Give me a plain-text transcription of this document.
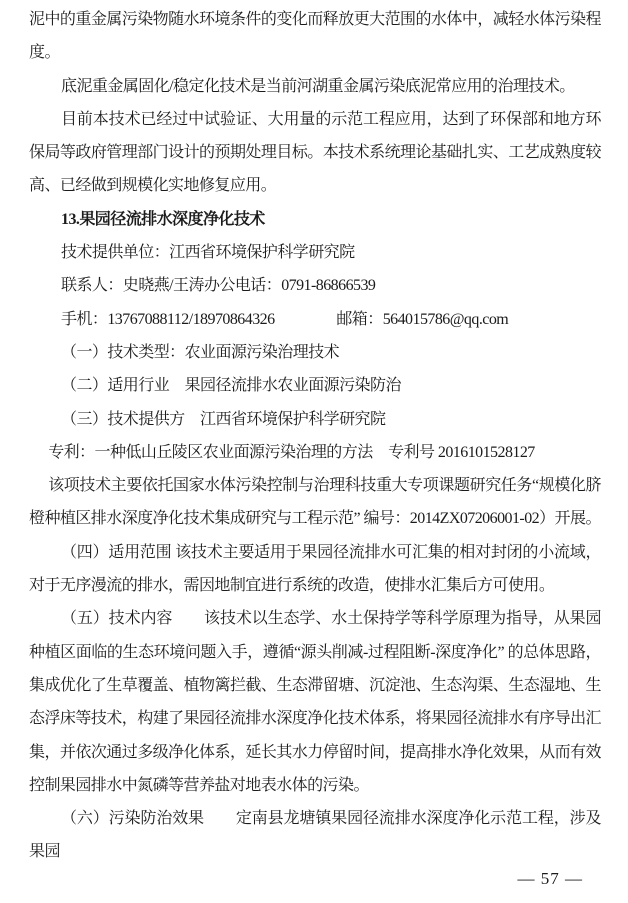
泥中的重金属污染物随水环境条件的变化而释放更大范围的水体中，减轻水体污染程度。

底泥重金属固化/稳定化技术是当前河湖重金属污染底泥常应用的治理技术。

目前本技术已经过中试验证、大用量的示范工程应用，达到了环保部和地方环保局等政府管理部门设计的预期处理目标。本技术系统理论基础扎实、工艺成熟度较高、已经做到规模化实地修复应用。

13.果园径流排水深度净化技术

技术提供单位：江西省环境保护科学研究院

联系人：史晓燕/王涛办公电话：0791-86866539

手机：13767088112/18970864326　　　　邮箱：564015786@qq.com

（一）技术类型：农业面源污染治理技术

（二）适用行业　果园径流排水农业面源污染防治

（三）技术提供方　江西省环境保护科学研究院

专利：一种低山丘陵区农业面源污染治理的方法　专利号 2016101528127

该项技术主要依托国家水体污染控制与治理科技重大专项课题研究任务“规模化脐橙种植区排水深度净化技术集成研究与工程示范” 编号：2014ZX07206001-02）开展。

（四）适用范围 该技术主要适用于果园径流排水可汇集的相对封闭的小流域，对于无序漫流的排水，需因地制宜进行系统的改造，使排水汇集后方可使用。

（五）技术内容　　该技术以生态学、水土保持学等科学原理为指导，从果园种植区面临的生态环境问题入手，遵循“源头削减-过程阻断-深度净化” 的总体思路，集成优化了生草覆盖、植物篱拦截、生态滞留塘、沉淀池、生态沟渠、生态湿地、生态浮床等技术，构建了果园径流排水深度净化技术体系，将果园径流排水有序导出汇集，并依次通过多级净化体系，延长其水力停留时间，提高排水净化效果，从而有效控制果园排水中氮磷等营养盐对地表水体的污染。

（六）污染防治效果　　定南县龙塘镇果园径流排水深度净化示范工程，涉及果园

— 57 —
